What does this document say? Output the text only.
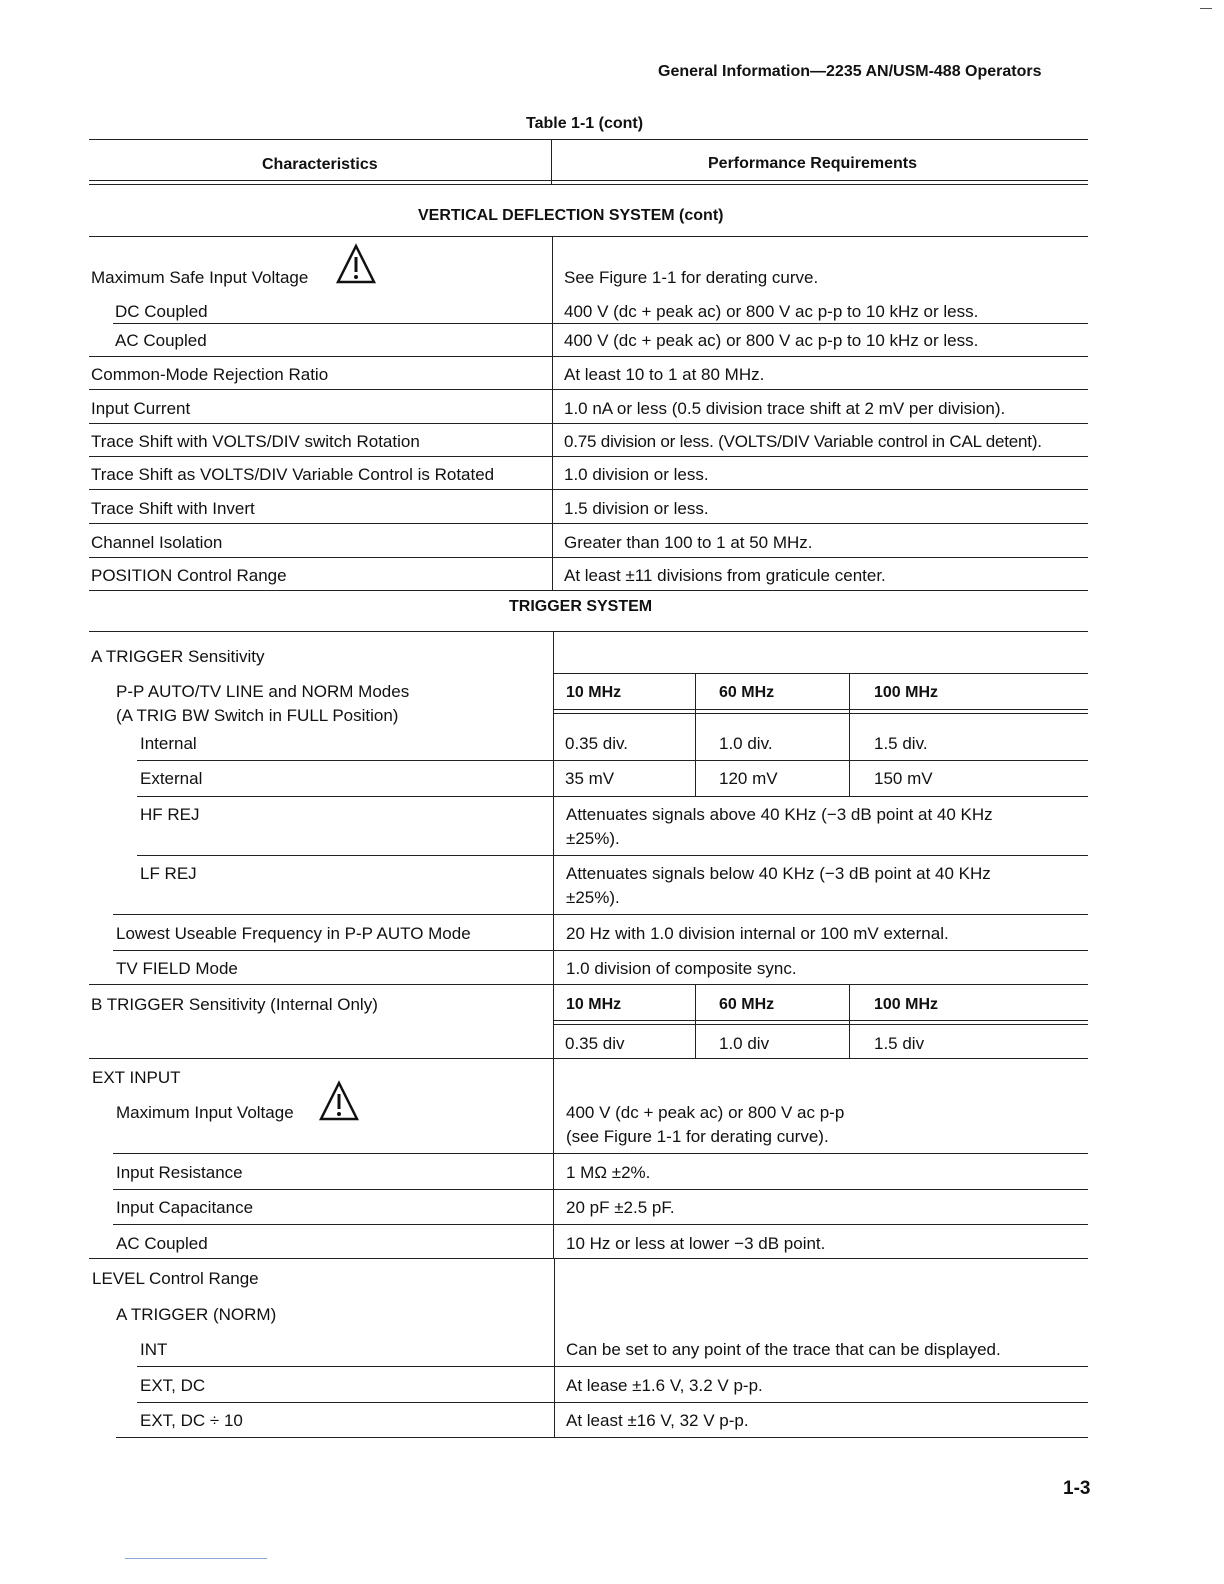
General Information—2235 AN/USM-488 Operators
Table 1-1 (cont)
Characteristics	Performance Requirements
VERTICAL DEFLECTION SYSTEM (cont)
Maximum Safe Input Voltage	See Figure 1-1 for derating curve.
DC Coupled	400 V (dc + peak ac) or 800 V ac p-p to 10 kHz or less.
AC Coupled	400 V (dc + peak ac) or 800 V ac p-p to 10 kHz or less.
Common-Mode Rejection Ratio	At least 10 to 1 at 80 MHz.
Input Current	1.0 nA or less (0.5 division trace shift at 2 mV per division).
Trace Shift with VOLTS/DIV switch Rotation	0.75 division or less. (VOLTS/DIV Variable control in CAL detent).
Trace Shift as VOLTS/DIV Variable Control is Rotated	1.0 division or less.
Trace Shift with Invert	1.5 division or less.
Channel Isolation	Greater than 100 to 1 at 50 MHz.
POSITION Control Range	At least ±11 divisions from graticule center.
TRIGGER SYSTEM
A TRIGGER Sensitivity
P-P AUTO/TV LINE and NORM Modes
(A TRIG BW Switch in FULL Position)
10 MHz	60 MHz	100 MHz
Internal	0.35 div.	1.0 div.	1.5 div.
External	35 mV	120 mV	150 mV
HF REJ	Attenuates signals above 40 KHz (−3 dB point at 40 KHz
±25%).
LF REJ	Attenuates signals below 40 KHz (−3 dB point at 40 KHz
±25%).
Lowest Useable Frequency in P-P AUTO Mode	20 Hz with 1.0 division internal or 100 mV external.
TV FIELD Mode	1.0 division of composite sync.
B TRIGGER Sensitivity (Internal Only)	10 MHz	60 MHz	100 MHz
0.35 div	1.0 div	1.5 div
EXT INPUT
Maximum Input Voltage	400 V (dc + peak ac) or 800 V ac p-p
(see Figure 1-1 for derating curve).
Input Resistance	1 MΩ ±2%.
Input Capacitance	20 pF ±2.5 pF.
AC Coupled	10 Hz or less at lower −3 dB point.
LEVEL Control Range
A TRIGGER (NORM)
INT	Can be set to any point of the trace that can be displayed.
EXT, DC	At lease ±1.6 V, 3.2 V p-p.
EXT, DC ÷ 10	At least ±16 V, 32 V p-p.
1-3
